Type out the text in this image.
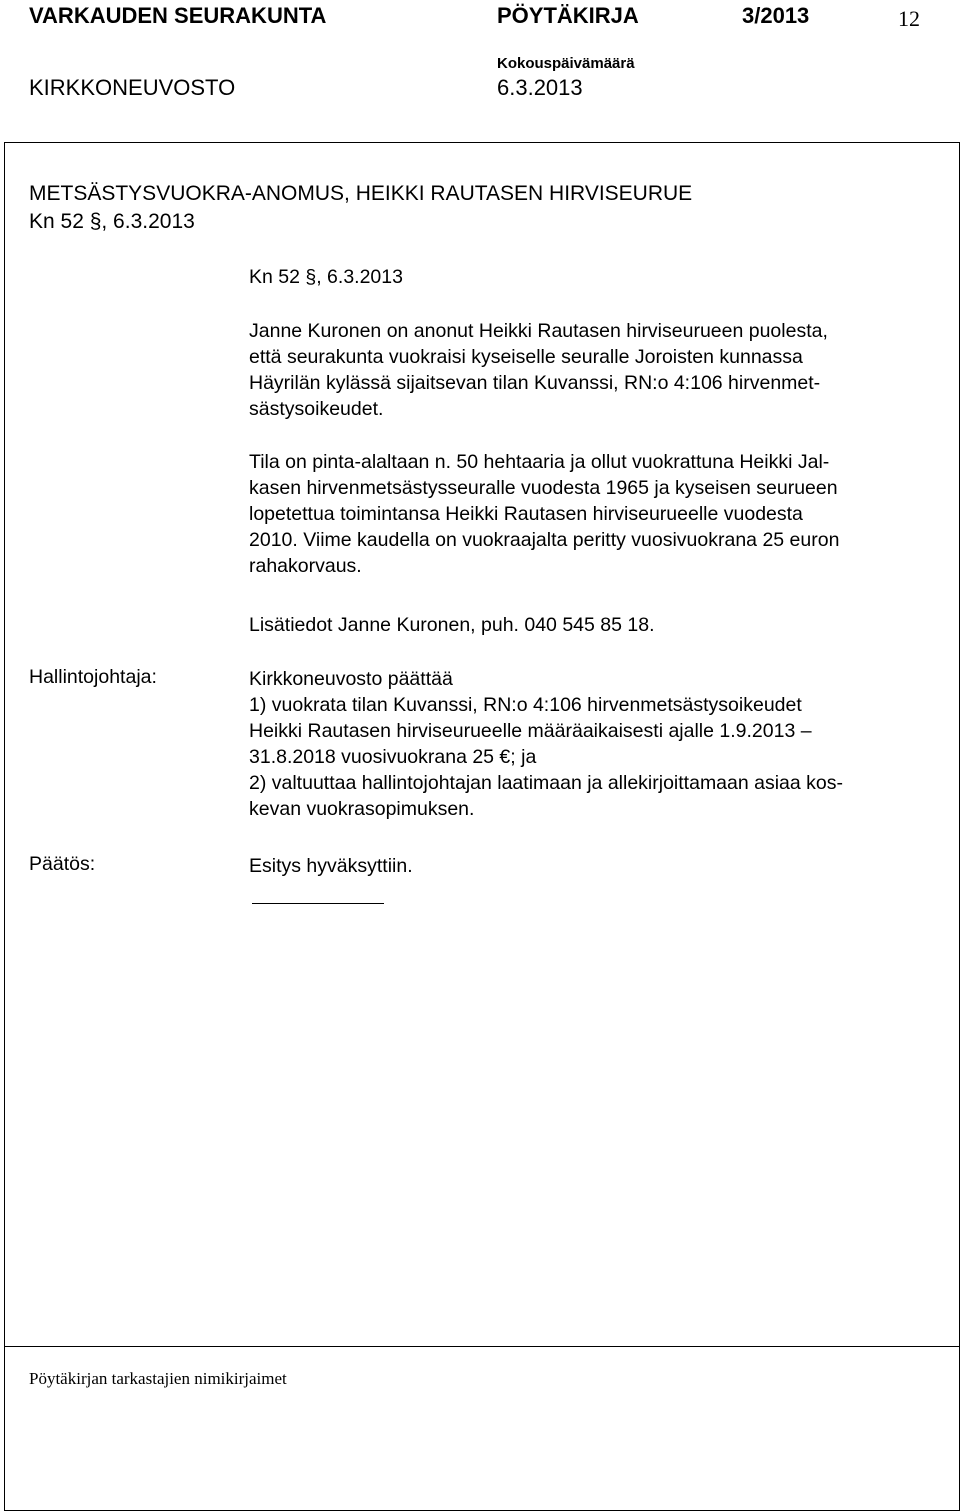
VARKAUDEN SEURAKUNTA	PÖYTÄKIRJA	3/2013	12
Kokouspäivämäärä
KIRKKONEUVOSTO	6.3.2013
METSÄSTYSVUOKRA-ANOMUS, HEIKKI RAUTASEN HIRVISEURUE
Kn 52 §, 6.3.2013
Kn 52 §, 6.3.2013
Janne Kuronen on anonut Heikki Rautasen hirviseurueen puolesta,
että seurakunta vuokraisi kyseiselle seuralle Joroisten kunnassa
Häyrilän kylässä sijaitsevan tilan Kuvanssi, RN:o 4:106 hirvenmet-
sästysoikeudet.
Tila on pinta-alaltaan n. 50 hehtaaria ja ollut vuokrattuna Heikki Jal-
kasen hirvenmetsästysseuralle vuodesta 1965 ja kyseisen seurueen
lopetettua toimintansa Heikki Rautasen hirviseurueelle vuodesta
2010. Viime kaudella on vuokraajalta peritty vuosivuokrana 25 euron
rahakorvaus.
Lisätiedot Janne Kuronen, puh. 040 545 85 18.
Hallintojohtaja:	Kirkkoneuvosto päättää
1) vuokrata tilan Kuvanssi, RN:o 4:106 hirvenmetsästysoikeudet
Heikki Rautasen hirviseurueelle määräaikaisesti ajalle 1.9.2013 –
31.8.2018 vuosivuokrana 25 €; ja
2) valtuuttaa hallintojohtajan laatimaan ja allekirjoittamaan asiaa kos-
kevan vuokrasopimuksen.
Päätös:	Esitys hyväksyttiin.
Pöytäkirjan tarkastajien nimikirjaimet
